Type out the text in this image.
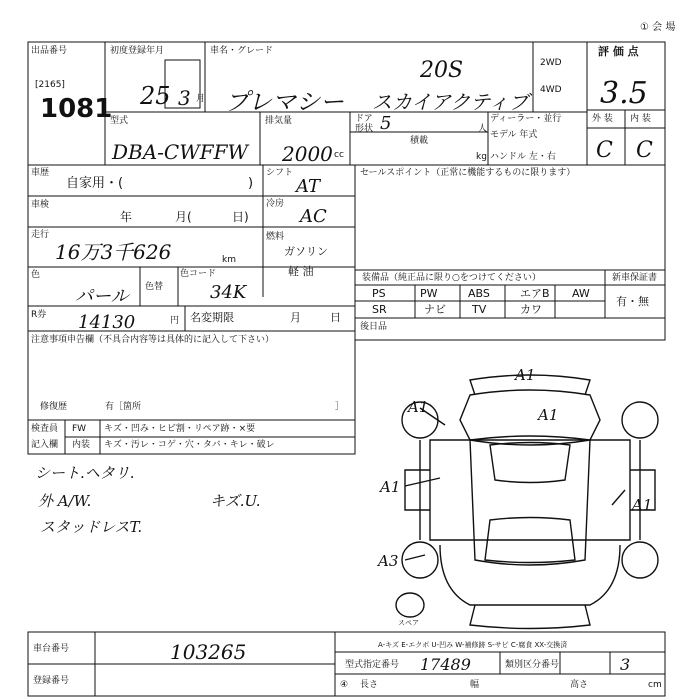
① 会 場
出品番号
[2165]
1081
初度登録年月
25 3 月
車名・グレード
20S
プレマシー スカイアクティブ
2WD
4WD
評 価 点
3.5
外 装 内 装
C C
型式
DBA-CWFFW
排気量
2000 cc
ドア 5
形状
積載
人
kg
ディーラー・並行
モデル 年式
ハンドル 左・右
車歴
自家用・(	)
シフト
AT
セールスポイント（正常に機能するものに限ります）
車検
年	月(	日)
冷房
AC
走行
16万3千626	km
燃料
ガソリン
軽 油
色
パール 色替
色コード
34K
装備品（純正品に限り○をつけてください）	新車保証書
有・無
PS	PW	ABS	エアB AW
SR	ナビ TV	カワ
後日品
R券 14130	円 名変期限	月	日
注意事項申告欄（不具合内容等は具体的に記入して下さい）
修復歴	有［箇所	］
検査員
記入欄
FW キズ・凹み・ヒビ割・リペア跡・×要
内装 キズ・汚レ・コゲ・穴・タバ・キレ・破レ
シート.ヘタリ.
外 A/W.	キズ.U.
スタッドレスT.
A1
A1	A1
A1
A1
A3
スペア
A-キズ E-エクボ U-凹み W-補修跡 S-サビ C-腐食 XX-交換済
車台番号	103265
登録番号
型式指定番号 17489	類別区分番号	3
④ 長さ	幅	高さ	cm
